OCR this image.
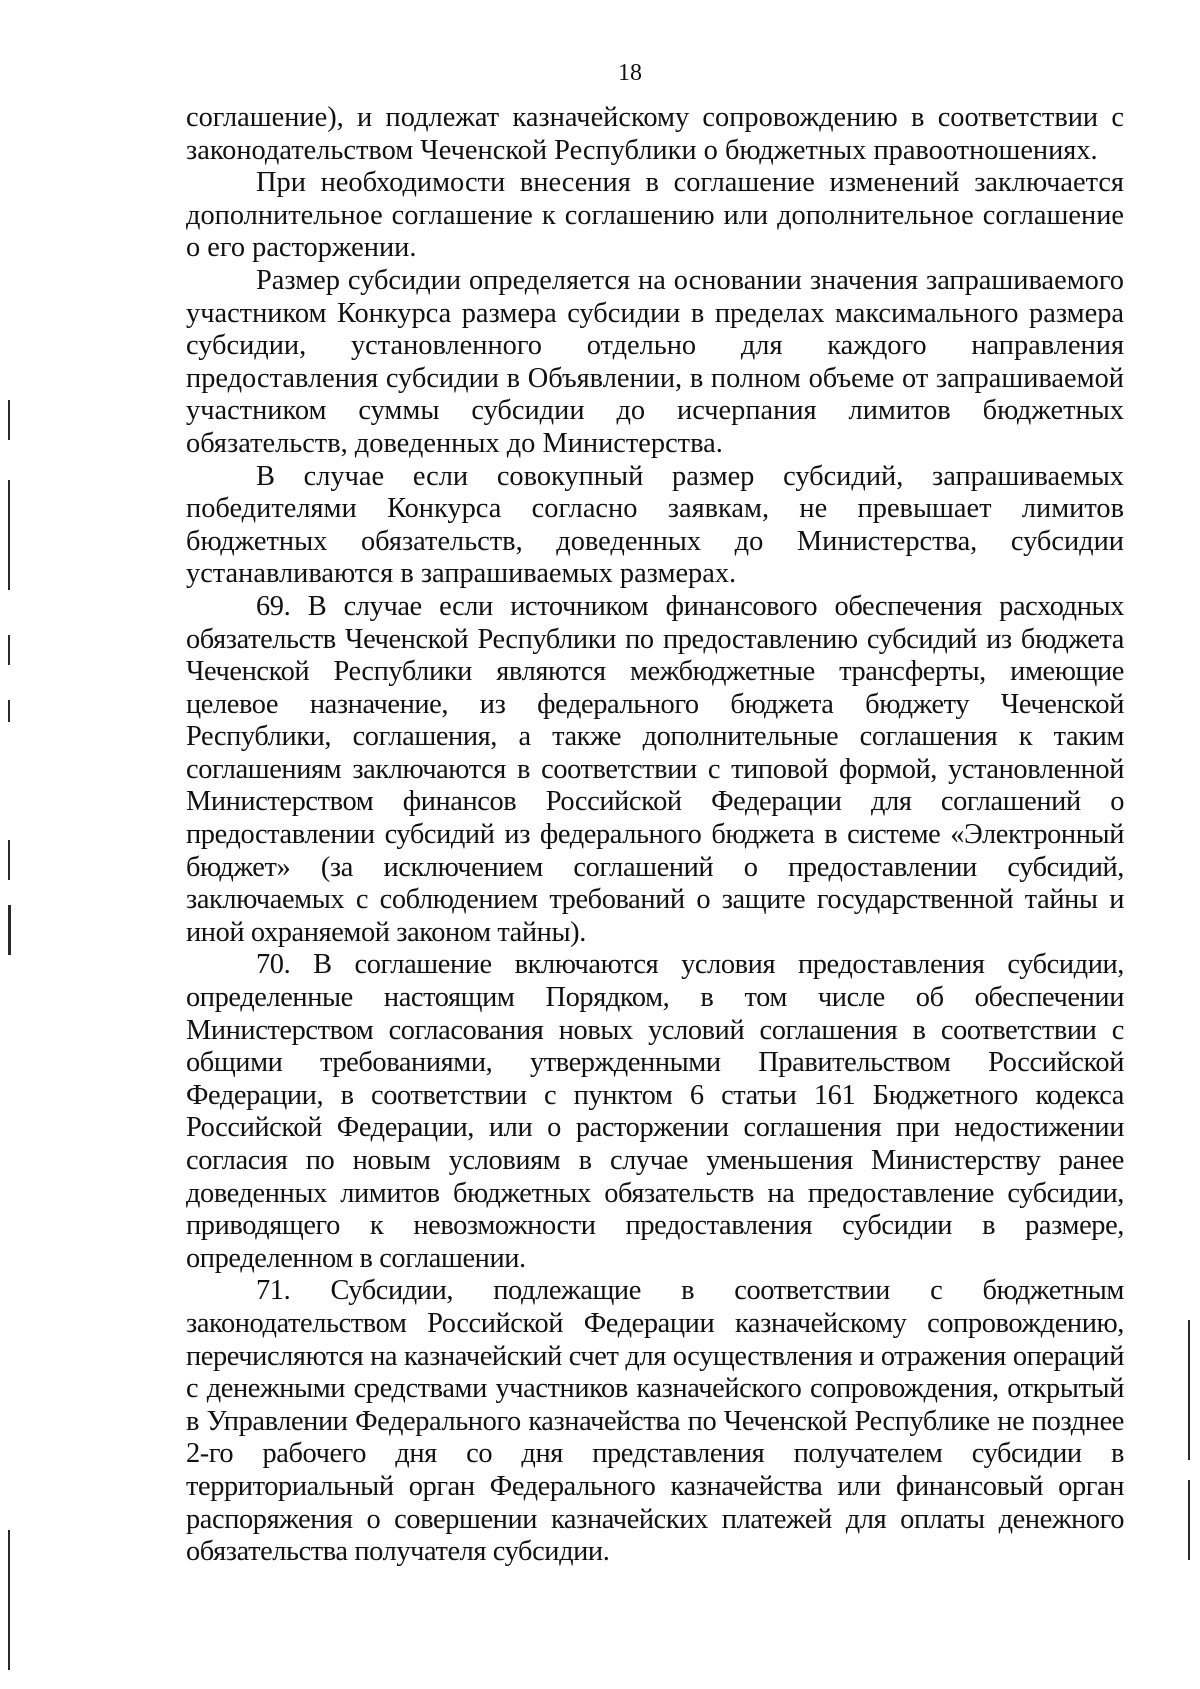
18

соглашение), и подлежат казначейскому сопровождению в соответствии с законодательством Чеченской Республики о бюджетных правоотношениях.

При необходимости внесения в соглашение изменений заключается дополнительное соглашение к соглашению или дополнительное соглашение о его расторжении.

Размер субсидии определяется на основании значения запрашиваемого участником Конкурса размера субсидии в пределах максимального размера субсидии, установленного отдельно для каждого направления предоставления субсидии в Объявлении, в полном объеме от запрашиваемой участником суммы субсидии до исчерпания лимитов бюджетных обязательств, доведенных до Министерства.

В случае если совокупный размер субсидий, запрашиваемых победителями Конкурса согласно заявкам, не превышает лимитов бюджетных обязательств, доведенных до Министерства, субсидии устанавливаются в запрашиваемых размерах.

69. В случае если источником финансового обеспечения расходных обязательств Чеченской Республики по предоставлению субсидий из бюджета Чеченской Республики являются межбюджетные трансферты, имеющие целевое назначение, из федерального бюджета бюджету Чеченской Республики, соглашения, а также дополнительные соглашения к таким соглашениям заключаются в соответствии с типовой формой, установленной Министерством финансов Российской Федерации для соглашений о предоставлении субсидий из федерального бюджета в системе «Электронный бюджет» (за исключением соглашений о предоставлении субсидий, заключаемых с соблюдением требований о защите государственной тайны и иной охраняемой законом тайны).

70. В соглашение включаются условия предоставления субсидии, определенные настоящим Порядком, в том числе об обеспечении Министерством согласования новых условий соглашения в соответствии с общими требованиями, утвержденными Правительством Российской Федерации, в соответствии с пунктом 6 статьи 161 Бюджетного кодекса Российской Федерации, или о расторжении соглашения при недостижении согласия по новым условиям в случае уменьшения Министерству ранее доведенных лимитов бюджетных обязательств на предоставление субсидии, приводящего к невозможности предоставления субсидии в размере, определенном в соглашении.

71. Субсидии, подлежащие в соответствии с бюджетным законодательством Российской Федерации казначейскому сопровождению, перечисляются на казначейский счет для осуществления и отражения операций с денежными средствами участников казначейского сопровождения, открытый в Управлении Федерального казначейства по Чеченской Республике не позднее 2-го рабочего дня со дня представления получателем субсидии в территориальный орган Федерального казначейства или финансовый орган распоряжения о совершении казначейских платежей для оплаты денежного обязательства получателя субсидии.
